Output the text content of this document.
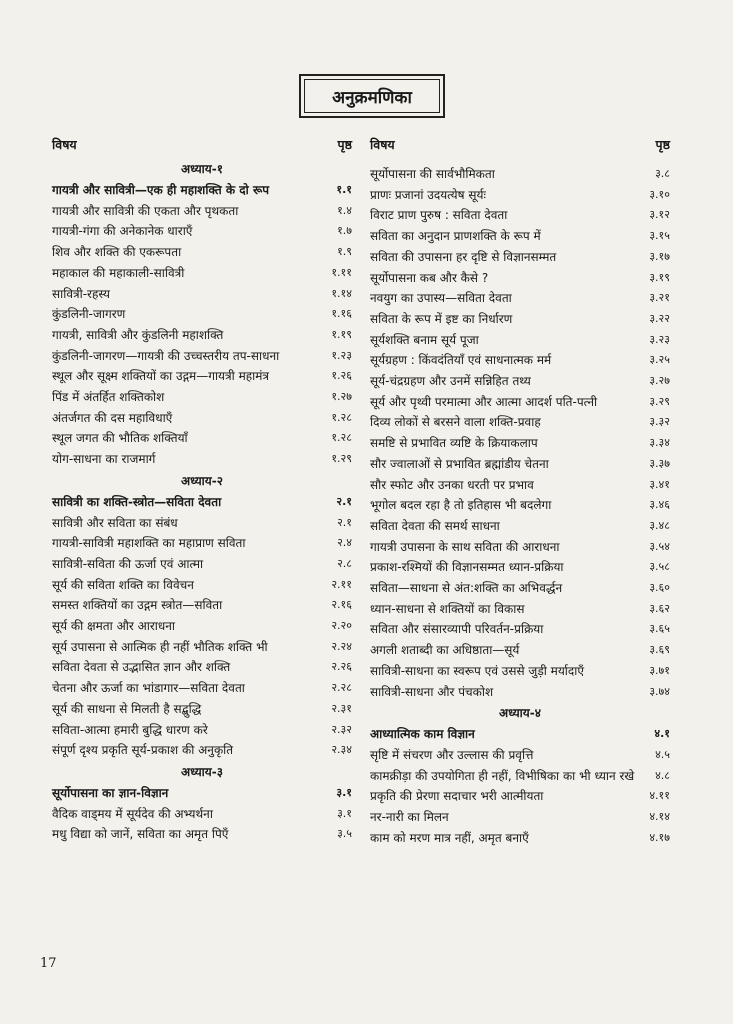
अनुक्रमणिका
विषय	पृष्ठ
अध्याय-१
गायत्री और सावित्री—एक ही महाशक्ति के दो रूप	१.१
गायत्री और सावित्री की एकता और पृथकता	१.४
गायत्री-गंगा की अनेकानेक धाराएँ	१.७
शिव और शक्ति की एकरूपता	१.९
महाकाल की महाकाली-सावित्री	१.११
सावित्री-रहस्य	१.१४
कुंडलिनी-जागरण	१.१६
गायत्री, सावित्री और कुंडलिनी महाशक्ति	१.१९
कुंडलिनी-जागरण—गायत्री की उच्चस्तरीय तप-साधना	१.२३
स्थूल और सूक्ष्म शक्तियों का उद्गम—गायत्री महामंत्र	१.२६
पिंड में अंतर्हित शक्तिकोश	१.२७
अंतर्जगत की दस महाविधाएँ	१.२८
स्थूल जगत की भौतिक शक्तियाँ	१.२८
योग-साधना का राजमार्ग	१.२९
अध्याय-२
सावित्री का शक्ति-स्त्रोत—सविता देवता	२.१
सावित्री और सविता का संबंध	२.१
गायत्री-सावित्री महाशक्ति का महाप्राण सविता	२.४
सावित्री-सविता की ऊर्जा एवं आत्मा	२.८
सूर्य की सविता शक्ति का विवेचन	२.११
समस्त शक्तियों का उद्गम स्त्रोत—सविता	२.१६
सूर्य की क्षमता और आराधना	२.२०
सूर्य उपासना से आत्मिक ही नहीं भौतिक शक्ति भी	२.२४
सविता देवता से उद्भासित ज्ञान और शक्ति	२.२६
चेतना और ऊर्जा का भांडागार—सविता देवता	२.२८
सूर्य की साधना से मिलती है सद्बुद्धि	२.३१
सविता-आत्मा हमारी बुद्धि धारण करे	२.३२
संपूर्ण दृश्य प्रकृति सूर्य-प्रकाश की अनुकृति	२.३४
अध्याय-३
सूर्योपासना का ज्ञान-विज्ञान	३.१
वैदिक वाड्मय में सूर्यदेव की अभ्यर्थना	३.१
मधु विद्या को जानें, सविता का अमृत पिएँ	३.५
विषय	पृष्ठ
सूर्योपासना की सार्वभौमिकता	३.८
प्राणः प्रजानां उदयत्येष सूर्यः	३.१०
विराट प्राण पुरुष : सविता देवता	३.१२
सविता का अनुदान प्राणशक्ति के रूप में	३.१५
सविता की उपासना हर दृष्टि से विज्ञानसम्मत	३.१७
सूर्योपासना कब और कैसे ?	३.१९
नवयुग का उपास्य—सविता देवता	३.२१
सविता के रूप में इष्ट का निर्धारण	३.२२
सूर्यशक्ति बनाम सूर्य पूजा	३.२३
सूर्यग्रहण : किंवदंतियाँ एवं साधनात्मक मर्म	३.२५
सूर्य-चंद्रग्रहण और उनमें सन्निहित तथ्य	३.२७
सूर्य और पृथ्वी परमात्मा और आत्मा आदर्श पति-पत्नी	३.२९
दिव्य लोकों से बरसने वाला शक्ति-प्रवाह	३.३२
समष्टि से प्रभावित व्यष्टि के क्रियाकलाप	३.३४
सौर ज्वालाओं से प्रभावित ब्रह्मांडीय चेतना	३.३७
सौर स्फोट और उनका धरती पर प्रभाव	३.४१
भूगोल बदल रहा है तो इतिहास भी बदलेगा	३.४६
सविता देवता की समर्थ साधना	३.४८
गायत्री उपासना के साथ सविता की आराधना	३.५४
प्रकाश-रश्मियों की विज्ञानसम्मत ध्यान-प्रक्रिया	३.५८
सविता—साधना से अंत:शक्ति का अभिवर्द्धन	३.६०
ध्यान-साधना से शक्तियों का विकास	३.६२
सविता और संसारव्यापी परिवर्तन-प्रक्रिया	३.६५
अगली शताब्दी का अधिष्ठाता—सूर्य	३.६९
सावित्री-साधना का स्वरूप एवं उससे जुड़ी मर्यादाएँ	३.७१
सावित्री-साधना और पंचकोश	३.७४
अध्याय-४
आध्यात्मिक काम विज्ञान	४.१
सृष्टि में संचरण और उल्लास की प्रवृत्ति	४.५
कामक्रीड़ा की उपयोगिता ही नहीं, विभीषिका का भी ध्यान रखे	४.८
प्रकृति की प्रेरणा सदाचार भरी आत्मीयता	४.११
नर-नारी का मिलन	४.१४
काम को मरण मात्र नहीं, अमृत बनाएँ	४.१७
17
